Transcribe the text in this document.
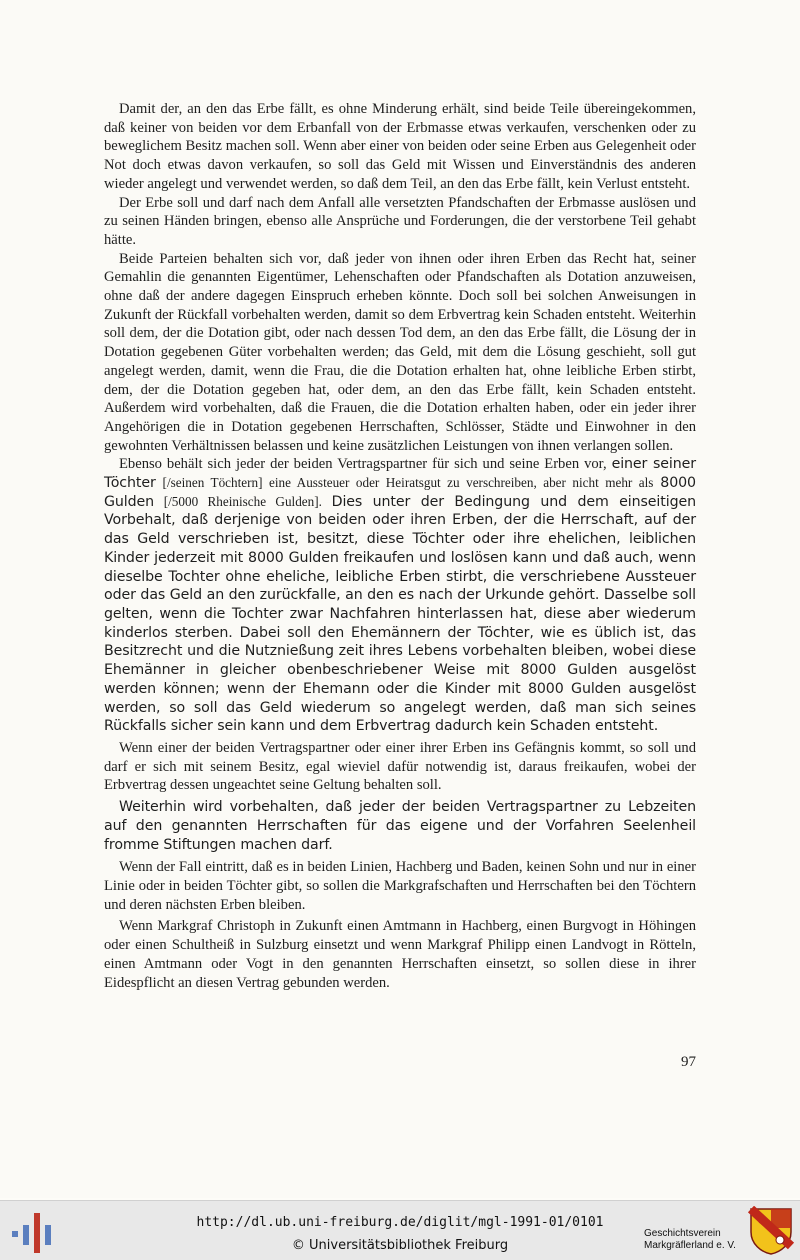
Damit der, an den das Erbe fällt, es ohne Minderung erhält, sind beide Teile übereingekommen, daß keiner von beiden vor dem Erbanfall von der Erbmasse etwas verkaufen, verschenken oder zu beweglichem Besitz machen soll. Wenn aber einer von beiden oder seine Erben aus Gelegenheit oder Not doch etwas davon verkaufen, so soll das Geld mit Wissen und Einverständnis des anderen wieder angelegt und verwendet werden, so daß dem Teil, an den das Erbe fällt, kein Verlust entsteht.

Der Erbe soll und darf nach dem Anfall alle versetzten Pfandschaften der Erbmasse auslösen und zu seinen Händen bringen, ebenso alle Ansprüche und Forderungen, die der verstorbene Teil gehabt hätte.

Beide Parteien behalten sich vor, daß jeder von ihnen oder ihren Erben das Recht hat, seiner Gemahlin die genannten Eigentümer, Lehenschaften oder Pfandschaften als Dotation anzuweisen, ohne daß der andere dagegen Einspruch erheben könnte. Doch soll bei solchen Anweisungen in Zukunft der Rückfall vorbehalten werden, damit so dem Erbvertrag kein Schaden entsteht. Weiterhin soll dem, der die Dotation gibt, oder nach dessen Tod dem, an den das Erbe fällt, die Lösung der in Dotation gegebenen Güter vorbehalten werden; das Geld, mit dem die Lösung geschieht, soll gut angelegt werden, damit, wenn die Frau, die die Dotation erhalten hat, ohne leibliche Erben stirbt, dem, der die Dotation gegeben hat, oder dem, an den das Erbe fällt, kein Schaden entsteht. Außerdem wird vorbehalten, daß die Frauen, die die Dotation erhalten haben, oder ein jeder ihrer Angehörigen die in Dotation gegebenen Herrschaften, Schlösser, Städte und Einwohner in den gewohnten Verhältnissen belassen und keine zusätzlichen Leistungen von ihnen verlangen sollen.

Ebenso behält sich jeder der beiden Vertragspartner für sich und seine Erben vor, einer seiner Töchter [/seinen Töchtern] eine Aussteuer oder Heiratsgut zu verschreiben, aber nicht mehr als 8000 Gulden [/5000 Rheinische Gulden]. Dies unter der Bedingung und dem einseitigen Vorbehalt, daß derjenige von beiden oder ihren Erben, der die Herrschaft, auf der das Geld verschrieben ist, besitzt, diese Töchter oder ihre ehelichen, leiblichen Kinder jederzeit mit 8000 Gulden freikaufen und loslösen kann und daß auch, wenn dieselbe Tochter ohne eheliche, leibliche Erben stirbt, die verschriebene Aussteuer oder das Geld an den zurückfalle, an den es nach der Urkunde gehört. Dasselbe soll gelten, wenn die Tochter zwar Nachfahren hinterlassen hat, diese aber wiederum kinderlos sterben. Dabei soll den Ehemännern der Töchter, wie es üblich ist, das Besitzrecht und die Nutznießung zeit ihres Lebens vorbehalten bleiben, wobei diese Ehemänner in gleicher obenbeschriebener Weise mit 8000 Gulden ausgelöst werden können; wenn der Ehemann oder die Kinder mit 8000 Gulden ausgelöst werden, so soll das Geld wiederum so angelegt werden, daß man sich seines Rückfalls sicher sein kann und dem Erbvertrag dadurch kein Schaden entsteht.

Wenn einer der beiden Vertragspartner oder einer ihrer Erben ins Gefängnis kommt, so soll und darf er sich mit seinem Besitz, egal wieviel dafür notwendig ist, daraus freikaufen, wobei der Erbvertrag dessen ungeachtet seine Geltung behalten soll.

Weiterhin wird vorbehalten, daß jeder der beiden Vertragspartner zu Lebzeiten auf den genannten Herrschaften für das eigene und der Vorfahren Seelenheil fromme Stiftungen machen darf.

Wenn der Fall eintritt, daß es in beiden Linien, Hachberg und Baden, keinen Sohn und nur in einer Linie oder in beiden Töchter gibt, so sollen die Markgrafschaften und Herrschaften bei den Töchtern und deren nächsten Erben bleiben.

Wenn Markgraf Christoph in Zukunft einen Amtmann in Hachberg, einen Burgvogt in Höhingen oder einen Schultheiß in Sulzburg einsetzt und wenn Markgraf Philipp einen Landvogt in Rötteln, einen Amtmann oder Vogt in den genannten Herrschaften einsetzt, so sollen diese in ihrer Eidespflicht an diesen Vertrag gebunden werden.

97
http://dl.ub.uni-freiburg.de/diglit/mgl-1991-01/0101
© Universitätsbibliothek Freiburg
Geschichtsverein
Markgräflerland e. V.
